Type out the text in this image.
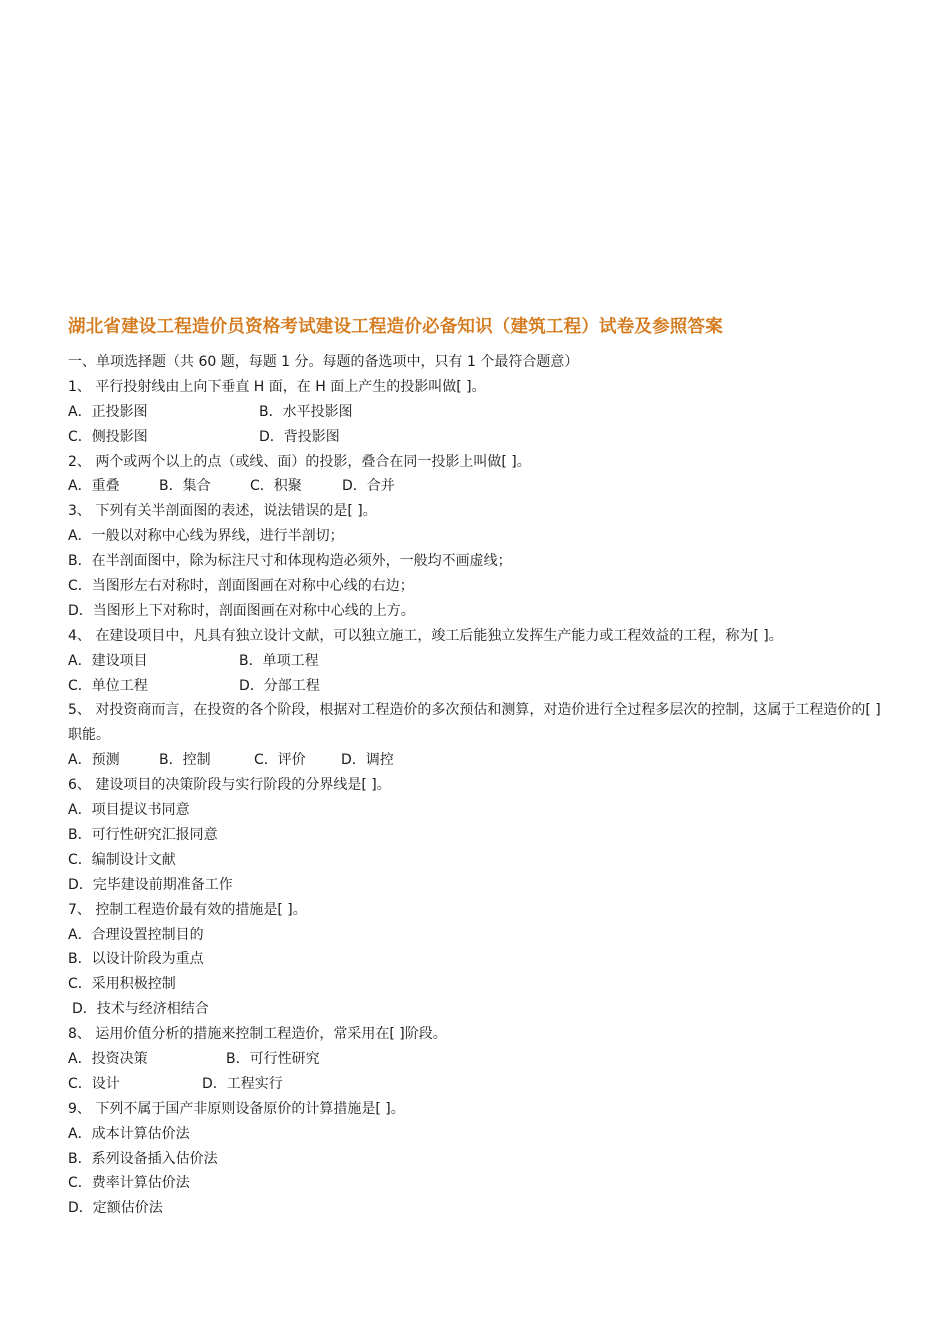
湖北省建设工程造价员资格考试建设工程造价必备知识（建筑工程）试卷及参照答案
一、单项选择题（共 60 题，每题 1 分。每题的备选项中，只有 1 个最符合题意）
1、 平行投射线由上向下垂直 H 面，在 H 面上产生的投影叫做[ ]。
A．正投影图	B．水平投影图
C．侧投影图	D．背投影图
2、 两个或两个以上的点（或线、面）的投影，叠合在同一投影上叫做[ ]。
A．重叠	B．集合	C．积聚	D．合并
3、 下列有关半剖面图的表述，说法错误的是[ ]。
A．一般以对称中心线为界线，进行半剖切；
B．在半剖面图中，除为标注尺寸和体现构造必须外，一般均不画虚线；
C．当图形左右对称时，剖面图画在对称中心线的右边；
D．当图形上下对称时，剖面图画在对称中心线的上方。
4、 在建设项目中，凡具有独立设计文献，可以独立施工，竣工后能独立发挥生产能力或工程效益的工程，称为[ ]。
A．建设项目	B．单项工程
C．单位工程	D．分部工程
5、 对投资商而言，在投资的各个阶段，根据对工程造价的多次预估和测算，对造价进行全过程多层次的控制，这属于工程造价的[ ]职能。
A．预测	B．控制	C．评价	D．调控
6、 建设项目的决策阶段与实行阶段的分界线是[ ]。
A．项目提议书同意
B．可行性研究汇报同意
C．编制设计文献
D．完毕建设前期准备工作
7、 控制工程造价最有效的措施是[ ]。
A．合理设置控制目的
B．以设计阶段为重点
C．采用积极控制
D．技术与经济相结合
8、 运用价值分析的措施来控制工程造价，常采用在[ ]阶段。
A．投资决策	B．可行性研究
C．设计	D．工程实行
9、 下列不属于国产非原则设备原价的计算措施是[ ]。
A．成本计算估价法
B．系列设备插入估价法
C．费率计算估价法
D．定额估价法
